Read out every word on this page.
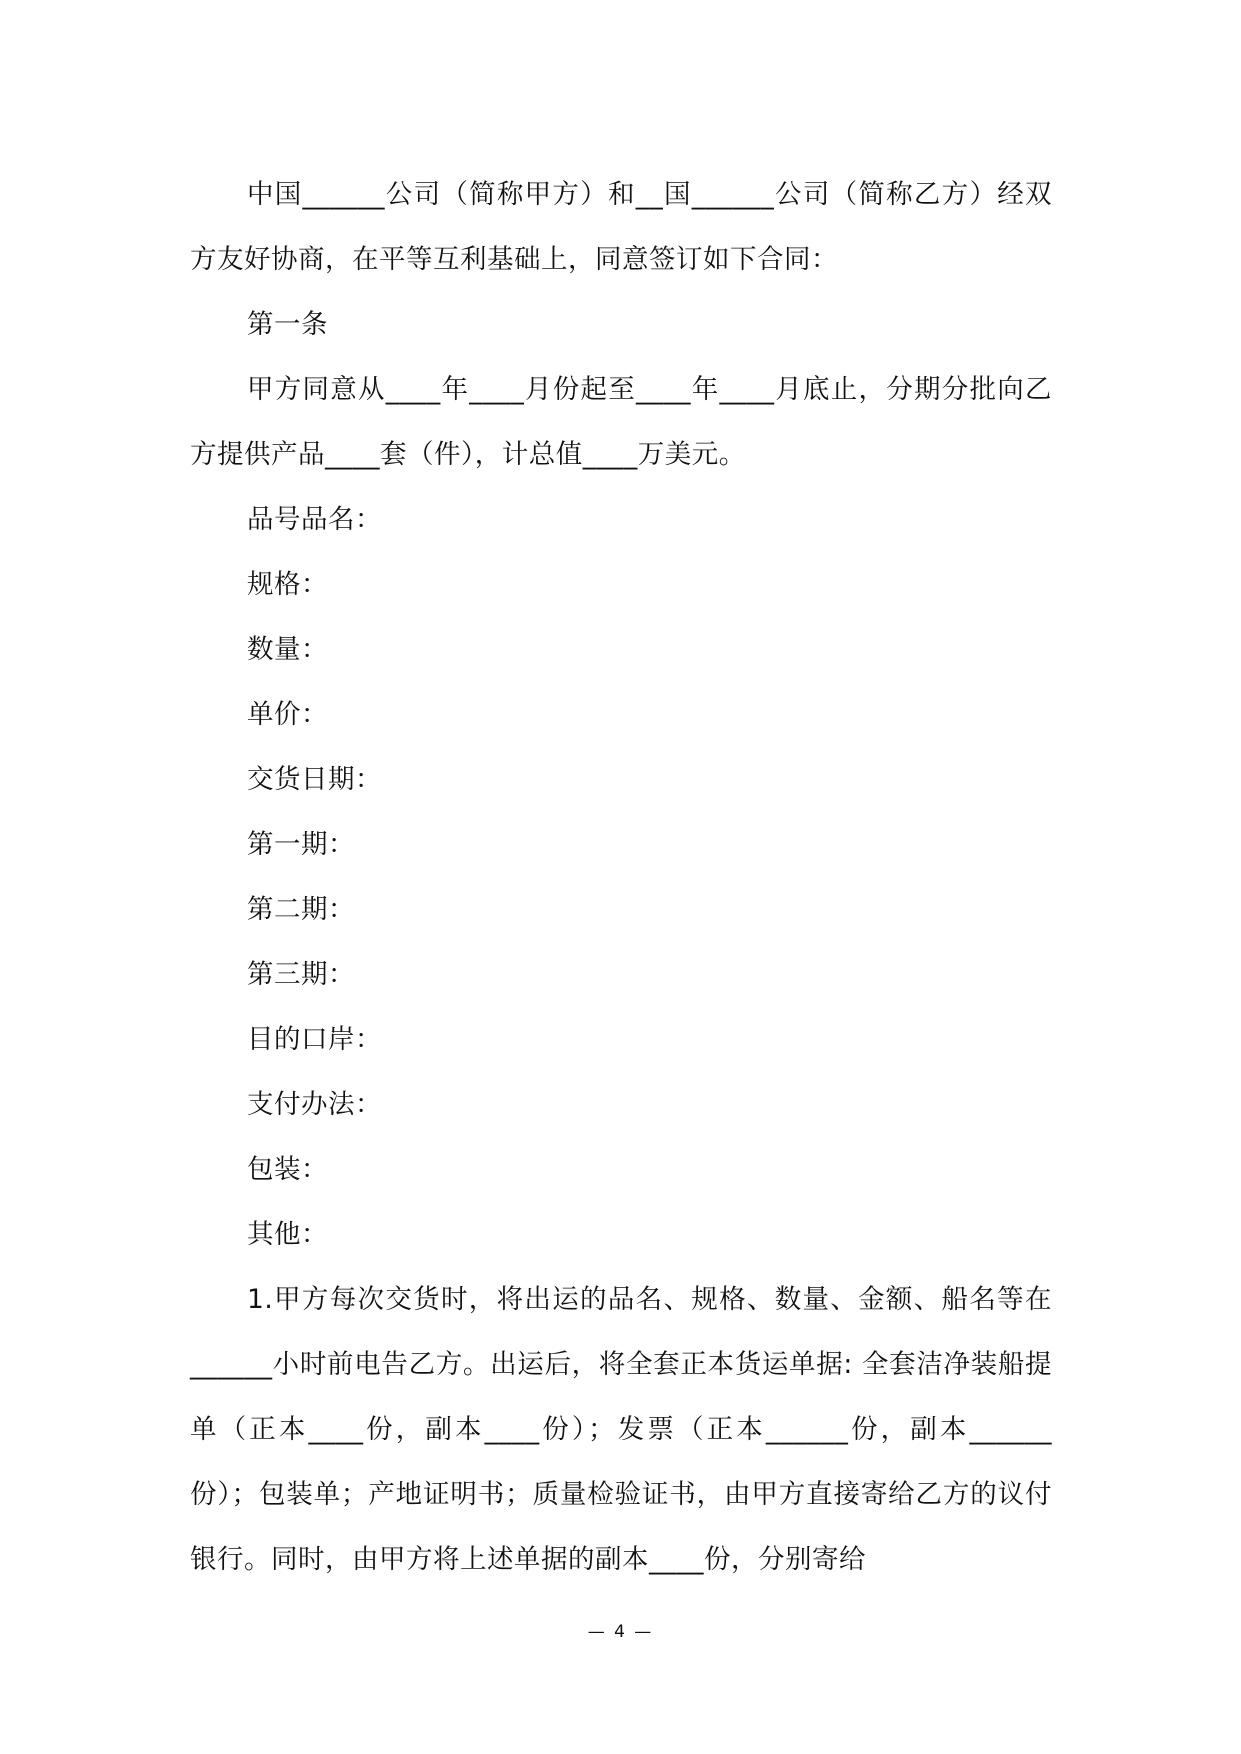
中国______公司（简称甲方）和__国______公司（简称乙方）经双方友好协商，在平等互利基础上，同意签订如下合同：

第一条

甲方同意从____年____月份起至____年____月底止，分期分批向乙方提供产品____套（件），计总值____万美元。

品号品名：

规格：

数量：

单价：

交货日期：

第一期：

第二期：

第三期：

目的口岸：

支付办法：

包装：

其他：

1.甲方每次交货时，将出运的品名、规格、数量、金额、船名等在______小时前电告乙方。出运后，将全套正本货运单据: 全套洁净装船提单（正本____份，副本____份）；发票（正本______份，副本______份）；包装单；产地证明书；质量检验证书，由甲方直接寄给乙方的议付银行。同时，由甲方将上述单据的副本____份，分别寄给

— 4 —
